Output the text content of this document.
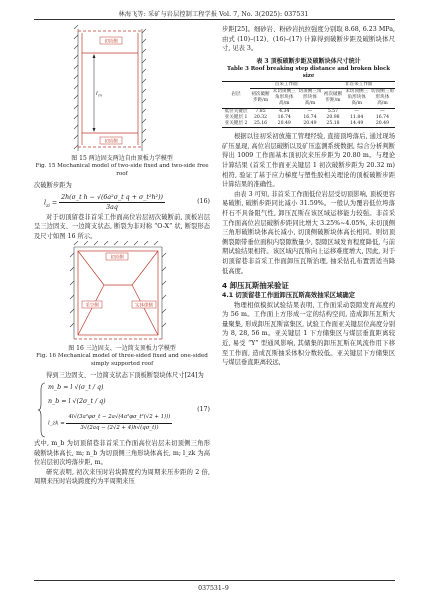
林海飞等: 采矿与岩层控制工程学报 Vol. 7, No. 3(2025): 037531
切顶侧
切顶侧
l m
图 15 两边固支两边自由顶板力学模型
Fig. 15 Mechanical model of two-side fixed and two-side free roof

次破断步距为

$l_{zi} = \frac{\text{2h(σ\_t h − √(6a²σ\_t q + σ\_t²h²))}}{3aq}$	(16)

对于切顶留巷非首采工作面高位岩层初次破断前, 顶板岩层呈三边固支、一边简支状态, 断裂为非对称 “O-X” 状, 断裂形态及尺寸如图 16 所示。

切顶侧
采空侧	实体煤侧
图 16 三边固支、一边简支顶板力学模型
Fig. 16 Mechanical model of three-sided fixed and one-sided simply supported roof

得到三边固支、一边简支状态下顶板断裂块体尺寸[24]为

m_b = l √(σ_t / q)
n_b = l √(2σ_t / q)
l_zk = $\frac{\text{4l√(3a²φσ\_t − 2a√(4a²φσ\_t²(√2 + 1)))}}{3√(2aq - (2√2 + 4)h√(q\sigma\_t))}$
(17)

式中, m_b 为切顶留巷非首采工作面高位岩层未切顶侧三角形破断块体高长, m; n_b 为切顶侧三角形块体高长, m; l_zk 为高位岩层初次垮落步距, m。

研究表明, 初次来压时岩块跨度约为周期来压步距的 2 倍, 周期来压时岩块跨度约为平周期来压

步距[25]。细砂岩、粉砂岩抗拉强度分别取 8.68, 6.23 MPa, 由式 (10)–(12)、(16)–(17) 计算得到破断步距及破断块体尺寸, 见表 3。

表 3 顶板破断步距及破断块体尺寸统计
Table 3 Roof breaking step distance and broken block size
岩层	首采工作面			非首采工作面		
	初次破断步距/m	未切顶侧三角形块体高/m	切顶侧三角形块体高/m	初次破断步距/m	未切顶侧三角形块体高/m	切顶侧三角形块体高/m
低位关键层	7.85	4.34	—	5.57	—	—
亚关键层 1	20.32	16.74	16.74	20.98	11.84	16.74
亚关键层 2	25.16	20.49	20.49	25.18	14.49	20.49

根据以往初采初放施工管理经验, 直接顶垮落后, 通过现场矿压显现, 高位岩层破断以及矿压监测系统数据, 综合分析判断得出 1009 工作面基本顶初次来压步距为 20.80 m。与理论计算结果 (首采工作面亚关键层 1 初次破断步距为 20.32 m) 相符, 验证了基于应力梯度与塑性胶相关理论的顶板破断步距计算结果的准确性。

由表 3 可知, 非首采工作面低位岩层受切顶影响, 顶板更容易破断, 破断步距同比减小 31.59%。一般认为覆岩低位垮落杆石不具备阻气性, 卸压瓦斯在该区域运移能力较强。非首采工作面高位岩层破断步距同比增大 3.25%~4.05%, 未切顶侧三角形破断块体高长减小, 切顶侧破断块体高长相同。则切顶侧裂隙带垂位面积内裂隙数量少, 裂隙区域发育程度降低, 与前期试验结果相符。该区域内瓦斯向上运移难度增大, 因此, 对于切顶留巷非首采工作面卸压瓦斯治理, 抽采钻孔布置需适当降低高度。

4 卸压瓦斯抽采验证
4.1 切顶留巷工作面卸压瓦斯高效抽采区域确定

物理相似模拟试验结果表明, 工作面采动裂隙发育高度约为 56 m。工作面上方形成一定的结构空间, 造成卸压瓦斯大量聚集, 形成卸压瓦斯富集区, 试验工作面亚关键层位高度分别为 8, 28, 56 m。亚关键层 1 下方储集区与煤层垂直距离较近, 易受 “Y” 型通风影响, 其储集的卸压瓦斯在风流作用下移至工作面, 造成瓦斯抽采体积分数较低。亚关键层下方储集区与煤层垂直距离较远,

037531–9
